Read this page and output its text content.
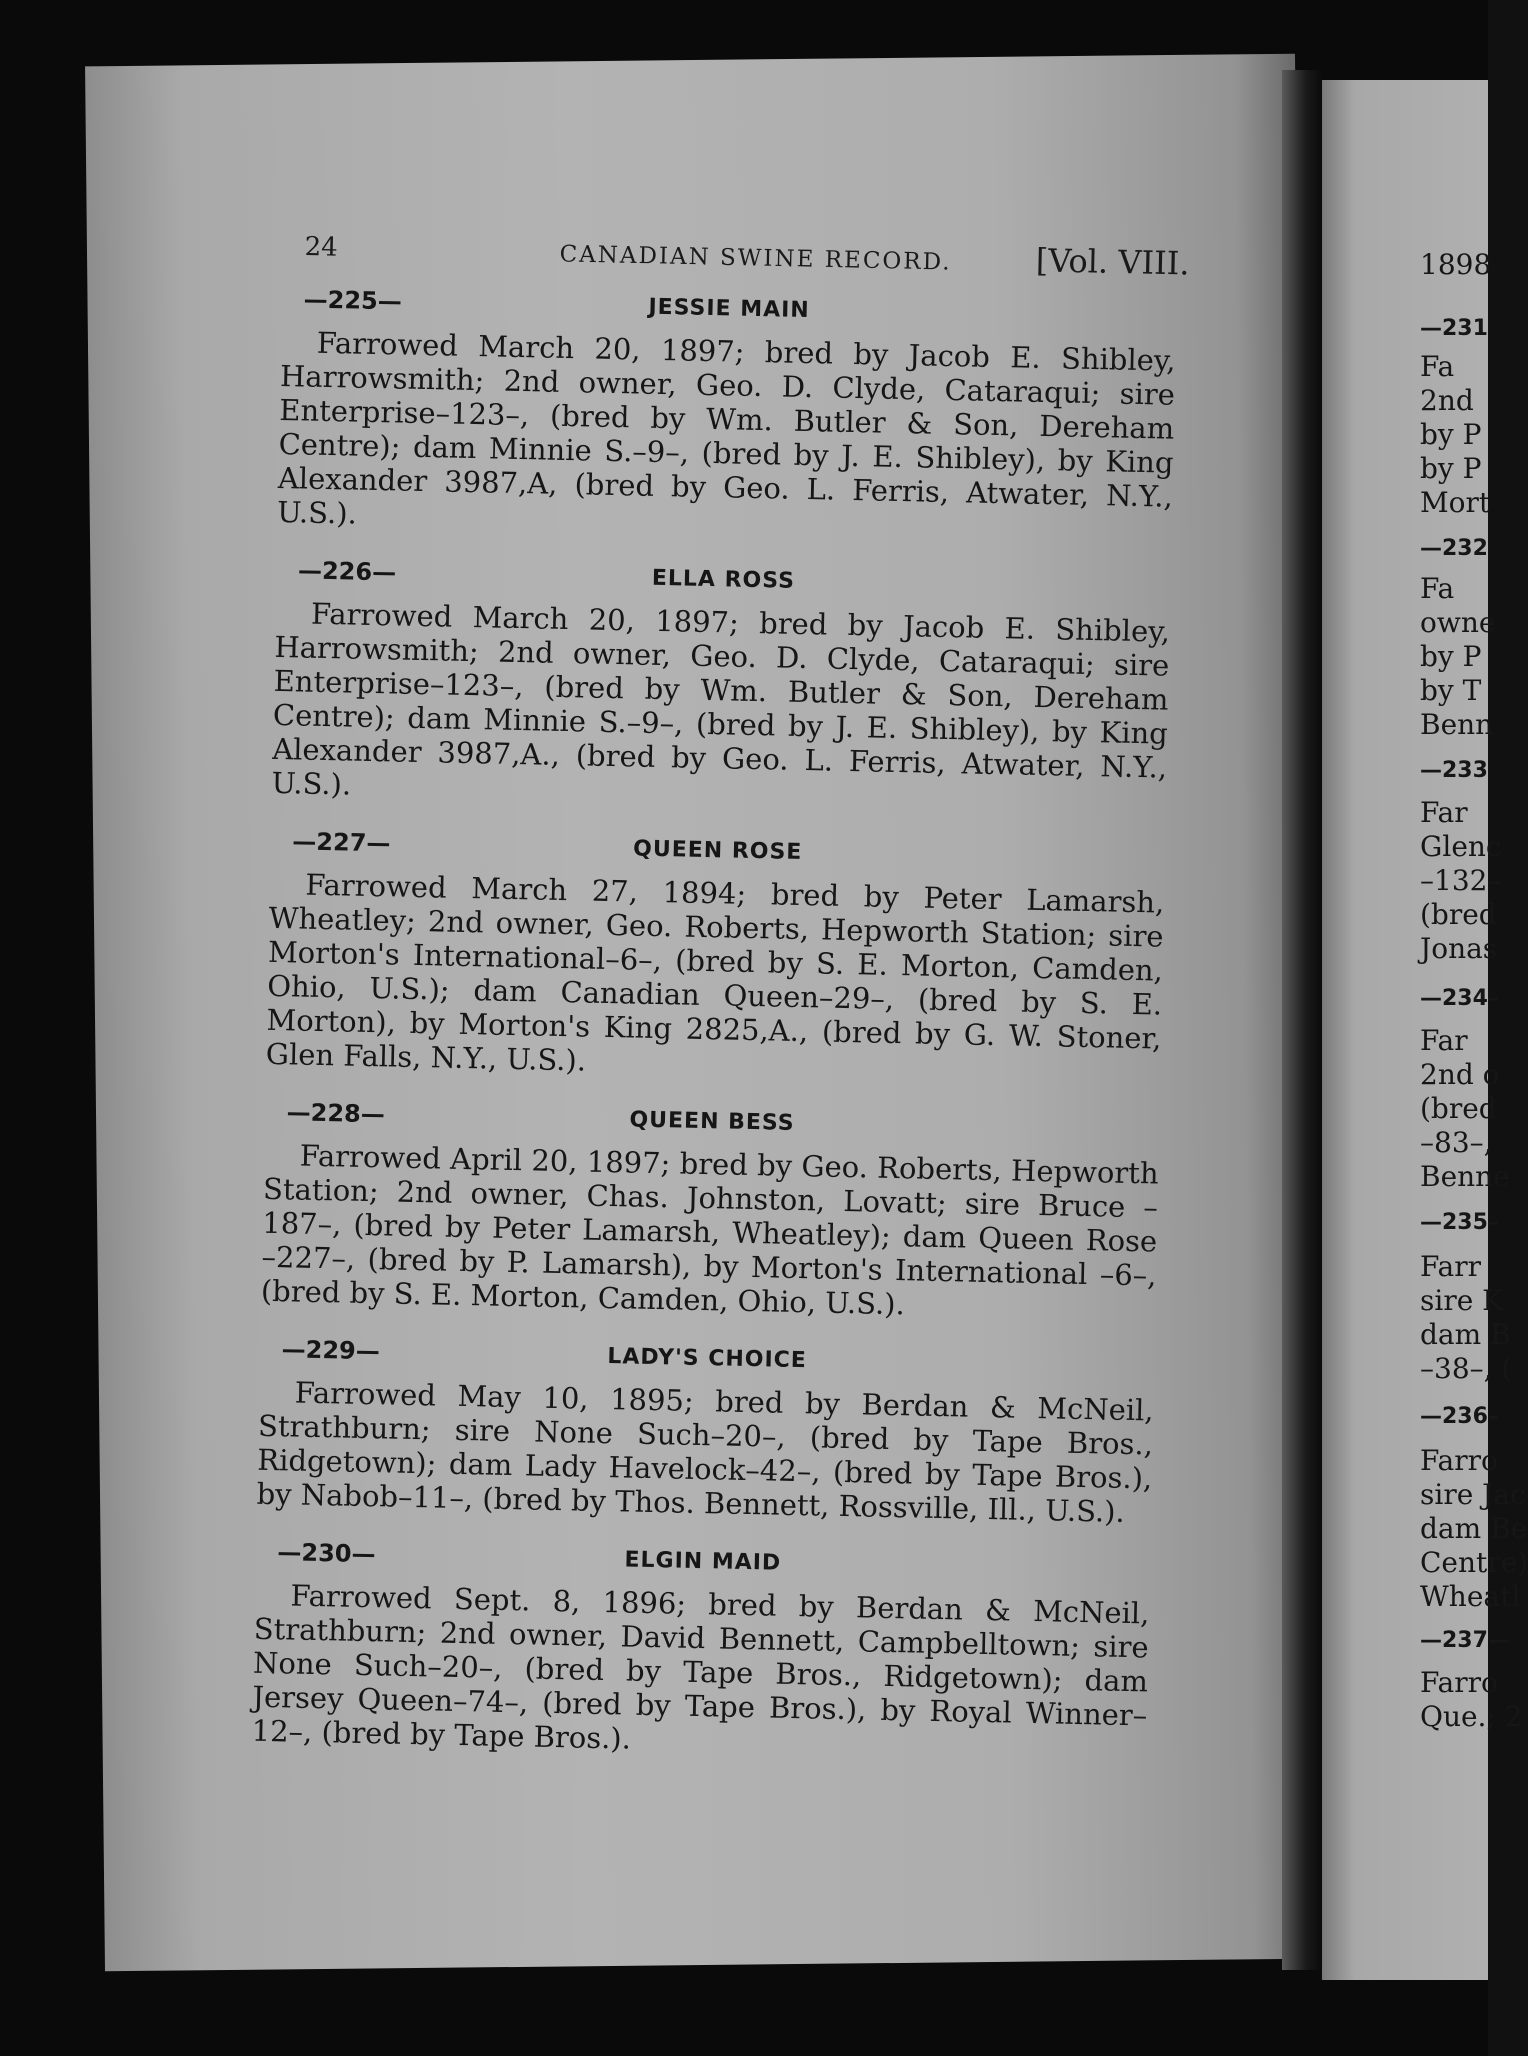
24	CANADIAN SWINE RECORD.	[Vol. VIII.
—225—	JESSIE MAIN

Farrowed March 20, 1897; bred by Jacob E. Shibley, Harrowsmith; 2nd owner, Geo. D. Clyde, Cataraqui; sire Enterprise–123–, (bred by Wm. Butler & Son, Dereham Centre); dam Minnie S.–9–, (bred by J. E. Shibley), by King Alexander 3987,A, (bred by Geo. L. Ferris, Atwater, N.Y., U.S.).

—226—	ELLA ROSS

Farrowed March 20, 1897; bred by Jacob E. Shibley, Harrowsmith; 2nd owner, Geo. D. Clyde, Cataraqui; sire Enterprise–123–, (bred by Wm. Butler & Son, Dereham Centre); dam Minnie S.–9–, (bred by J. E. Shibley), by King Alexander 3987,A., (bred by Geo. L. Ferris, Atwater, N.Y., U.S.).

—227—	QUEEN ROSE

Farrowed March 27, 1894; bred by Peter Lamarsh, Wheatley; 2nd owner, Geo. Roberts, Hepworth Station; sire Morton's International–6–, (bred by S. E. Morton, Camden, Ohio, U.S.); dam Canadian Queen–29–, (bred by S. E. Morton), by Morton's King 2825,A., (bred by G. W. Stoner, Glen Falls, N.Y., U.S.).

—228—	QUEEN BESS

Farrowed April 20, 1897; bred by Geo. Roberts, Hepworth Station; 2nd owner, Chas. Johnston, Lovatt; sire Bruce –187–, (bred by Peter Lamarsh, Wheatley); dam Queen Rose –227–, (bred by P. Lamarsh), by Morton's International –6–, (bred by S. E. Morton, Camden, Ohio, U.S.).

—229—	LADY'S CHOICE

Farrowed May 10, 1895; bred by Berdan & McNeil, Strathburn; sire None Such–20–, (bred by Tape Bros., Ridgetown); dam Lady Havelock–42–, (bred by Tape Bros.), by Nabob–11–, (bred by Thos. Bennett, Rossville, Ill., U.S.).

—230—	ELGIN MAID

Farrowed Sept. 8, 1896; bred by Berdan & McNeil, Strathburn; 2nd owner, David Bennett, Campbelltown; sire None Such–20–, (bred by Tape Bros., Ridgetown); dam Jersey Queen–74–, (bred by Tape Bros.), by Royal Winner–12–, (bred by Tape Bros.).

1898
—231
Fa
2nd
by P
by P
Mort
—232
Fa
owne
by P
by T
Benn
—233
Far
Glenc
–132–
(bred
Jonas
—234–
Far
2nd o
(bred
–83–,
Benne
—235–
Farr
sire K
dam B
–38–, (
—236–
Farro
sire Jac
dam Be
Centre)
Wheatl
—237—
Farro
Que.; 2
